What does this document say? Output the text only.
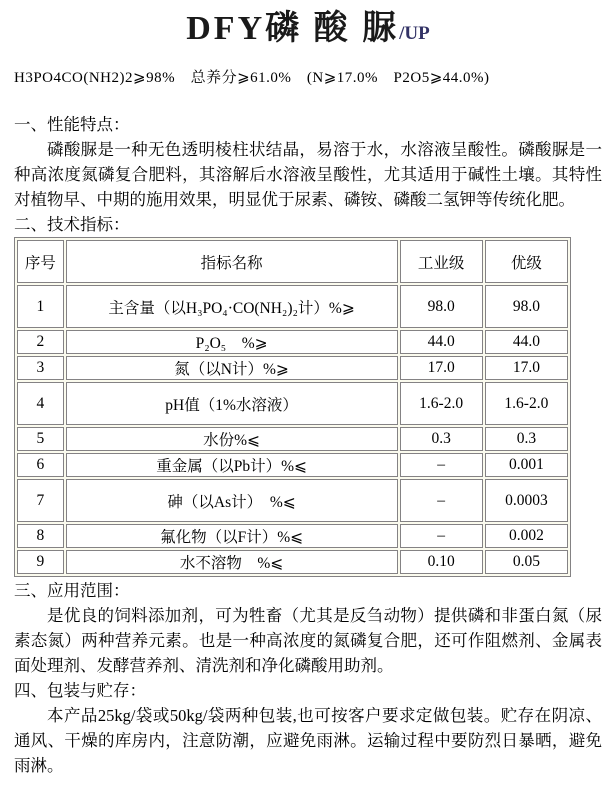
DFY磷 酸 脲/UP
H3PO4CO(NH2)2⩾98%　总养分⩾61.0%　(N⩾17.0%　P2O5⩾44.0%)
一、性能特点：

磷酸脲是一种无色透明棱柱状结晶，易溶于水，水溶液呈酸性。磷酸脲是一种高浓度氮磷复合肥料，其溶解后水溶液呈酸性，尤其适用于碱性土壤。其特性对植物早、中期的施用效果，明显优于尿素、磷铵、磷酸二氢钾等传统化肥。

二、技术指标：
序号	指标名称	工业级	优级
1	主含量（以H₃PO₄·CO(NH₂)₂计）%⩾	98.0	98.0
2	P₂O₅　%⩾	44.0	44.0
3	氮（以N计）%⩾	17.0	17.0
4	pH值（1%水溶液）	1.6-2.0	1.6-2.0
5	水份%⩽	0.3	0.3
6	重金属（以Pb计）%⩽	–	0.001
7	砷（以As计）　%⩽	–	0.0003
8	氟化物（以F计）%⩽	–	0.002
9	水不溶物　%⩽	0.10	0.05
三、应用范围：

是优良的饲料添加剂，可为牲畜（尤其是反刍动物）提供磷和非蛋白氮（尿素态氮）两种营养元素。也是一种高浓度的氮磷复合肥，还可作阻燃剂、金属表面处理剂、发酵营养剂、清洗剂和净化磷酸用助剂。

四、包装与贮存：

本产品25kg/袋或50kg/袋两种包装,也可按客户要求定做包装。贮存在阴凉、通风、干燥的库房内，注意防潮，应避免雨淋。运输过程中要防烈日暴晒，避免雨淋。
